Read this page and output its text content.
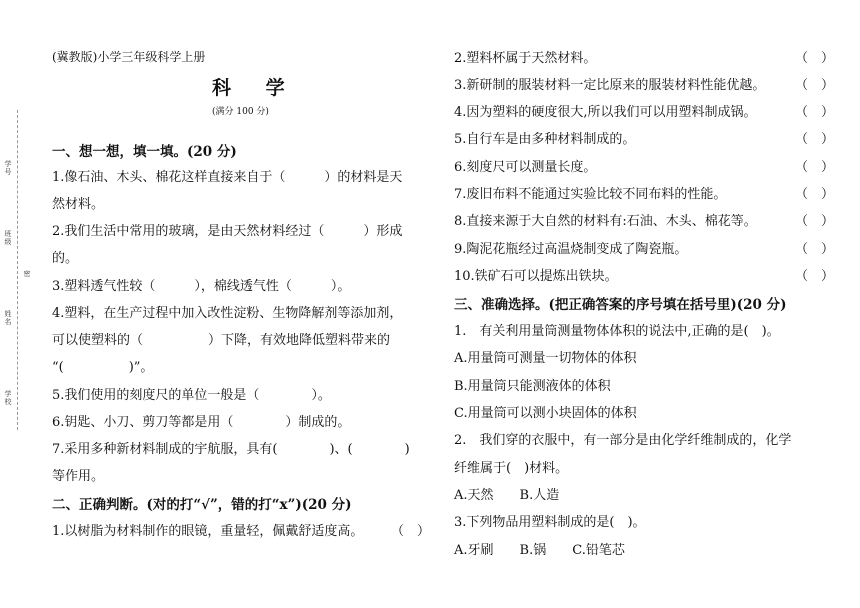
学号
班级
密
姓名
学校
(冀教版)小学三年级科学上册
科 学
(满分 100 分)
一、想一想，填一填。(20 分)
1.像石油、木头、棉花这样直接来自于（　　　）的材料是天
然材料。
2.我们生活中常用的玻璃，是由天然材料经过（　　　）形成
的。
3.塑料透气性较（　　　），棉线透气性（　　　）。
4.塑料，在生产过程中加入改性淀粉、生物降解剂等添加剂，
可以使塑料的（　　　　　）下降，有效地降低塑料带来的
“(　　　　　)”。
5.我们使用的刻度尺的单位一般是（　　　　）。
6.钥匙、小刀、剪刀等都是用（　　　　）制成的。
7.采用多种新材料制成的宇航服，具有(　　　　)、(　　　　)
等作用。
二、正确判断。(对的打“√”，错的打“x”)(20 分)
1.以树脂为材料制作的眼镜，重量轻，佩戴舒适度高。 （　）
2.塑料杯属于天然材料。	（　）
3.新研制的服装材料一定比原来的服装材料性能优越。 （　）
4.因为塑料的硬度很大,所以我们可以用塑料制成锅。	（　）
5.自行车是由多种材料制成的。	（　）
6.刻度尺可以测量长度。	（　）
7.废旧布料不能通过实验比较不同布料的性能。	（　）
8.直接来源于大自然的材料有:石油、木头、棉花等。	（　）
9.陶泥花瓶经过高温烧制变成了陶瓷瓶。	（　）
10.铁矿石可以提炼出铁块。	（　）
三、准确选择。(把正确答案的序号填在括号里)(20 分)
1.　有关利用量筒测量物体体积的说法中,正确的是(　)。
A.用量筒可测量一切物体的体积
B.用量筒只能测液体的体积
C.用量筒可以测小块固体的体积
2.　我们穿的衣服中，有一部分是由化学纤维制成的，化学
纤维属于(　)材料。
A.天然　　B.人造
3.下列物品用塑料制成的是(　)。
A.牙刷　　B.锅　　C.铅笔芯
